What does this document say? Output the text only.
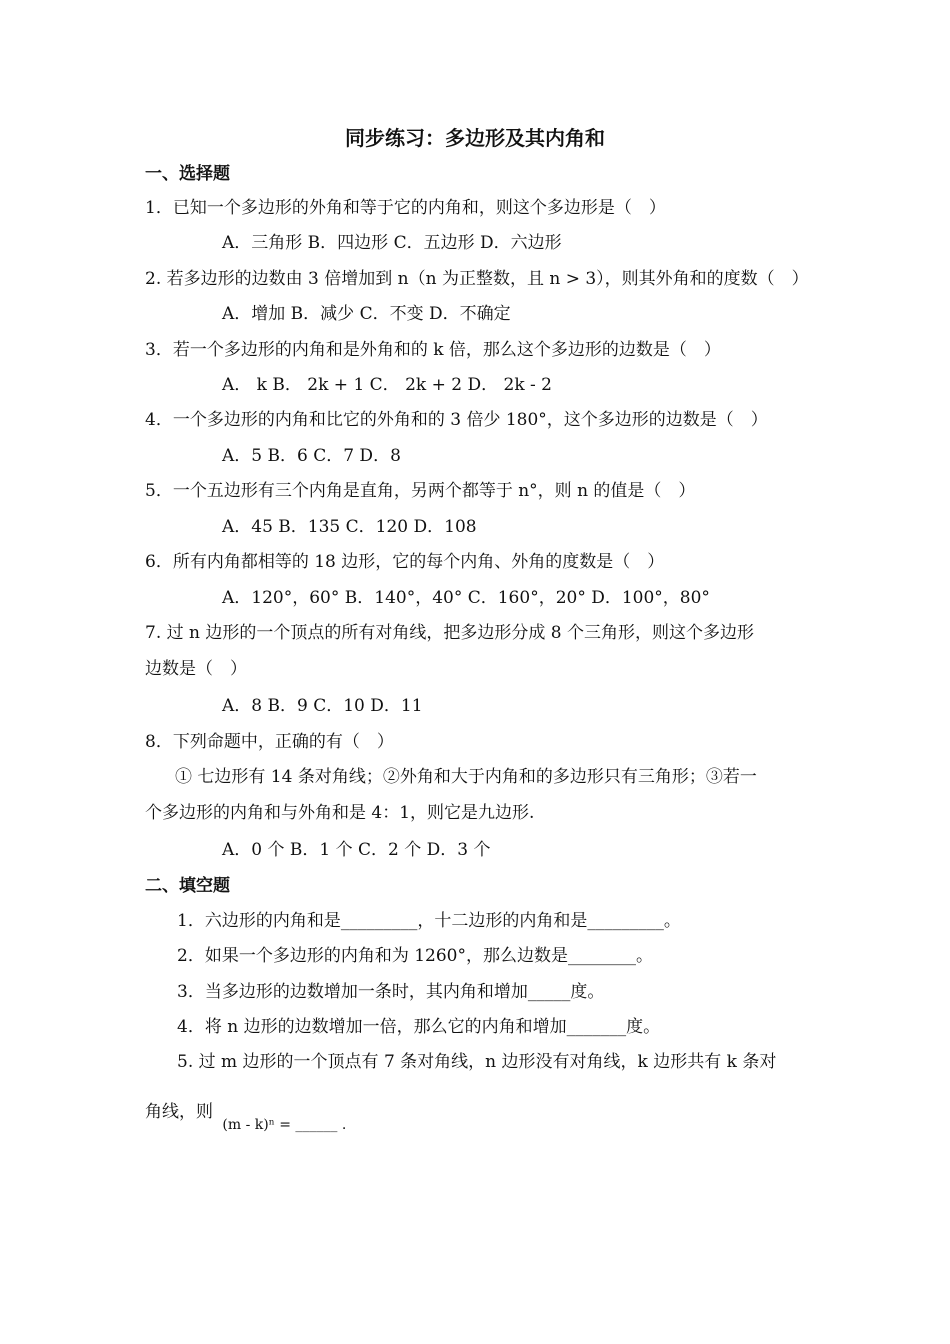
同步练习：多边形及其内角和
一、选择题
1．已知一个多边形的外角和等于它的内角和，则这个多边形是（　）
A．三角形 B．四边形 C．五边形 D．六边形
2. 若多边形的边数由 3 倍增加到 n（n 为正整数，且 n > 3），则其外角和的度数（　）
A．增加 B．减少 C．不变 D．不确定
3．若一个多边形的内角和是外角和的 k 倍，那么这个多边形的边数是（　）
A． k B． 2k + 1 C． 2k + 2 D． 2k - 2
4．一个多边形的内角和比它的外角和的 3 倍少 180°，这个多边形的边数是（　）
A．5 B．6 C．7 D．8
5．一个五边形有三个内角是直角，另两个都等于 n°，则 n 的值是（　）
A．45 B．135 C．120 D．108
6．所有内角都相等的 18 边形，它的每个内角、外角的度数是（　）
A．120°，60° B．140°，40° C．160°，20° D．100°，80°
7. 过 n 边形的一个顶点的所有对角线，把多边形分成 8 个三角形，则这个多边形
边数是（　）
A．8 B．9 C．10 D．11
8．下列命题中，正确的有（　）
① 七边形有 14 条对角线；②外角和大于内角和的多边形只有三角形；③若一
个多边形的内角和与外角和是 4：1，则它是九边形.
A．0 个 B．1 个 C．2 个 D．3 个
二、填空题
1．六边形的内角和是_________，十二边形的内角和是_________。
2．如果一个多边形的内角和为 1260°，那么边数是________。
3．当多边形的边数增加一条时，其内角和增加_____度。
4．将 n 边形的边数增加一倍，那么它的内角和增加_______度。
5. 过 m 边形的一个顶点有 7 条对角线，n 边形没有对角线，k 边形共有 k 条对
角线，则 $_{(m - k)^n = \_\_\_\_\_\_ .}$
